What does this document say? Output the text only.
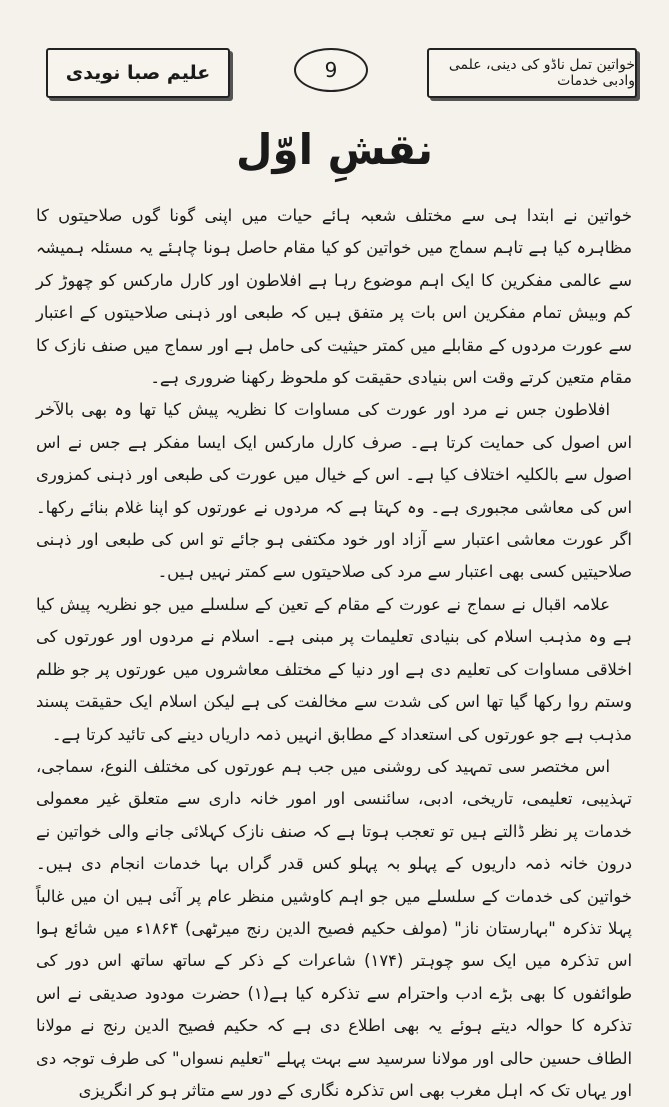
علیم صبا نویدی	9	خواتین تمل ناڈو کی دینی، علمی وادبی خدمات
نقشِ اوّل

خواتین نے ابتدا ہی سے مختلف شعبہ ہائے حیات میں اپنی گونا گوں صلاحیتوں کا مظاہرہ کیا ہے تاہم سماج میں خواتین کو کیا مقام حاصل ہونا چاہئے یہ مسئلہ ہمیشہ سے عالمی مفکرین کا ایک اہم موضوع رہا ہے افلاطون اور کارل مارکس کو چھوڑ کر کم وبیش تمام مفکرین اس بات پر متفق ہیں کہ طبعی اور ذہنی صلاحیتوں کے اعتبار سے عورت مردوں کے مقابلے میں کمتر حیثیت کی حامل ہے اور سماج میں صنف نازک کا مقام متعین کرتے وقت اس بنیادی حقیقت کو ملحوظ رکھنا ضروری ہے۔

افلاطون جس نے مرد اور عورت کی مساوات کا نظریہ پیش کیا تھا وہ بھی بالآخر اس اصول کی حمایت کرتا ہے۔ صرف کارل مارکس ایک ایسا مفکر ہے جس نے اس اصول سے بالکلیہ اختلاف کیا ہے۔ اس کے خیال میں عورت کی طبعی اور ذہنی کمزوری اس کی معاشی مجبوری ہے۔ وہ کہتا ہے کہ مردوں نے عورتوں کو اپنا غلام بنائے رکھا۔ اگر عورت معاشی اعتبار سے آزاد اور خود مکتفی ہو جائے تو اس کی طبعی اور ذہنی صلاحیتیں کسی بھی اعتبار سے مرد کی صلاحیتوں سے کمتر نہیں ہیں۔

علامہ اقبال نے سماج نے عورت کے مقام کے تعین کے سلسلے میں جو نظریہ پیش کیا ہے وہ مذہب اسلام کی بنیادی تعلیمات پر مبنی ہے۔ اسلام نے مردوں اور عورتوں کی اخلاقی مساوات کی تعلیم دی ہے اور دنیا کے مختلف معاشروں میں عورتوں پر جو ظلم وستم روا رکھا گیا تھا اس کی شدت سے مخالفت کی ہے لیکن اسلام ایک حقیقت پسند مذہب ہے جو عورتوں کی استعداد کے مطابق انہیں ذمہ داریاں دینے کی تائید کرتا ہے۔

اس مختصر سی تمہید کی روشنی میں جب ہم عورتوں کی مختلف النوع، سماجی، تہذیبی، تعلیمی، تاریخی، ادبی، سائنسی اور امور خانہ داری سے متعلق غیر معمولی خدمات پر نظر ڈالتے ہیں تو تعجب ہوتا ہے کہ صنف نازک کہلائی جانے والی خواتین نے درون خانہ ذمہ داریوں کے پہلو بہ پہلو کس قدر گراں بہا خدمات انجام دی ہیں۔ خواتین کی خدمات کے سلسلے میں جو اہم کاوشیں منظر عام پر آئی ہیں ان میں غالباً پہلا تذکرہ "بہارستان ناز" (مولف حکیم فصیح الدین رنج میرٹھی) ۱۸۶۴ء میں شائع ہوا اس تذکرہ میں ایک سو چوہتر (۱۷۴) شاعرات کے ذکر کے ساتھ ساتھ اس دور کی طوائفوں کا بھی بڑے ادب واحترام سے تذکرہ کیا ہے(۱) حضرت مودود صدیقی نے اس تذکرہ کا حوالہ دیتے ہوئے یہ بھی اطلاع دی ہے کہ حکیم فصیح الدین رنج نے مولانا الطاف حسین حالی اور مولانا سرسید سے بہت پہلے "تعلیم نسواں" کی طرف توجہ دی اور یہاں تک کہ اہل مغرب بھی اس تذکرہ نگاری کے دور سے متاثر ہو کر انگریزی
